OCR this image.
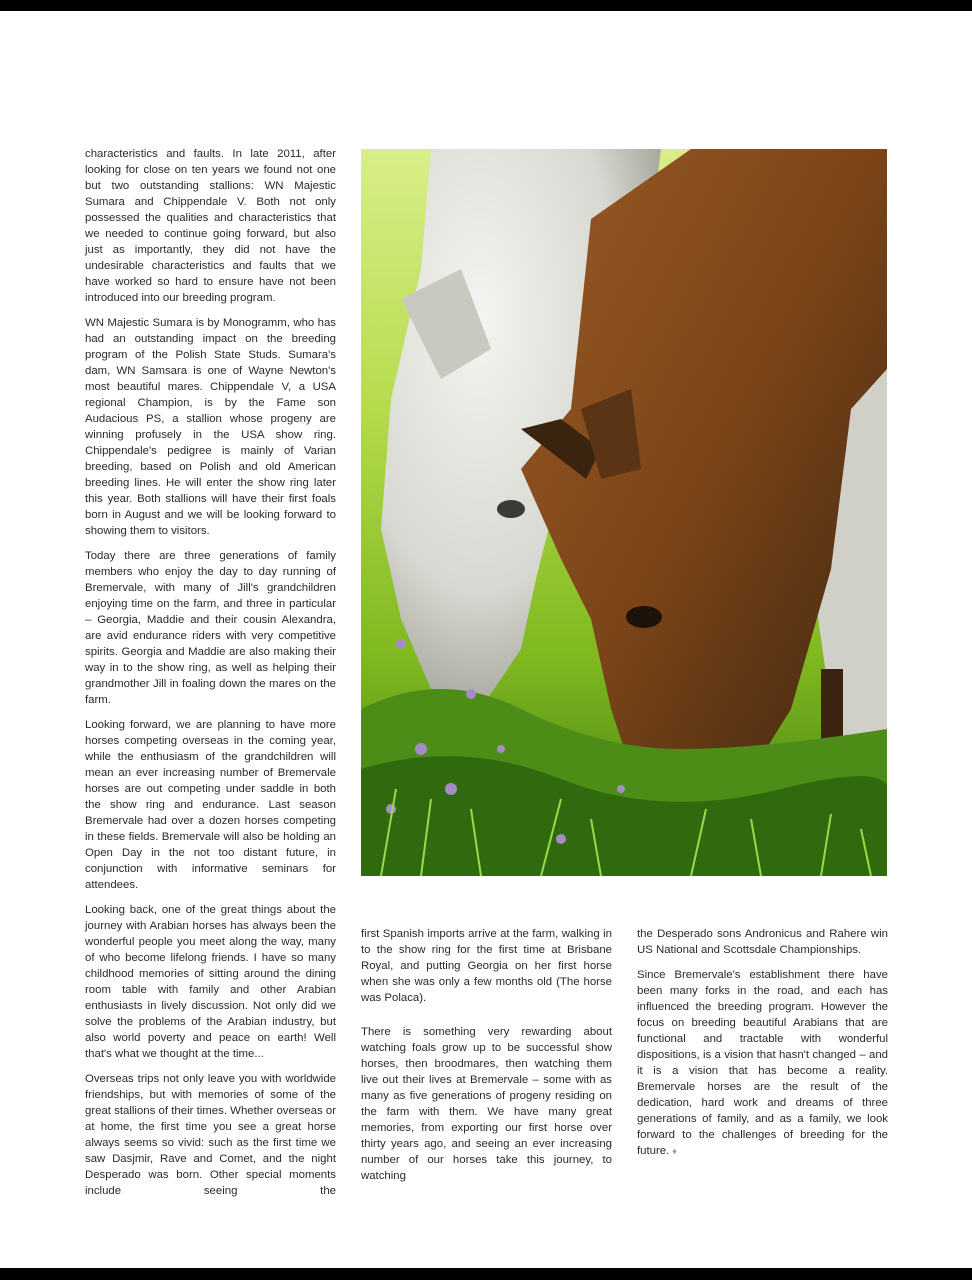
characteristics and faults. In late 2011, after looking for close on ten years we found not one but two outstanding stallions: WN Majestic Sumara and Chippendale V. Both not only possessed the qualities and characteristics that we needed to continue going forward, but also just as importantly, they did not have the undesirable characteristics and faults that we have worked so hard to ensure have not been introduced into our breeding program.

WN Majestic Sumara is by Monogramm, who has had an outstanding impact on the breeding program of the Polish State Studs. Sumara's dam, WN Samsara is one of Wayne Newton's most beautiful mares. Chippendale V, a USA regional Champion, is by the Fame son Audacious PS, a stallion whose progeny are winning profusely in the USA show ring. Chippendale's pedigree is mainly of Varian breeding, based on Polish and old American breeding lines. He will enter the show ring later this year. Both stallions will have their first foals born in August and we will be looking forward to showing them to visitors.

Today there are three generations of family members who enjoy the day to day running of Bremervale, with many of Jill's grandchildren enjoying time on the farm, and three in particular – Georgia, Maddie and their cousin Alexandra, are avid endurance riders with very competitive spirits. Georgia and Maddie are also making their way in to the show ring, as well as helping their grandmother Jill in foaling down the mares on the farm.

Looking forward, we are planning to have more horses competing overseas in the coming year, while the enthusiasm of the grandchildren will mean an ever increasing number of Bremervale horses are out competing under saddle in both the show ring and endurance. Last season Bremervale had over a dozen horses competing in these fields. Bremervale will also be holding an Open Day in the not too distant future, in conjunction with informative seminars for attendees.

Looking back, one of the great things about the journey with Arabian horses has always been the wonderful people you meet along the way, many of who become lifelong friends. I have so many childhood memories of sitting around the dining room table with family and other Arabian enthusiasts in lively discussion. Not only did we solve the problems of the Arabian industry, but also world poverty and peace on earth! Well that's what we thought at the time...

Overseas trips not only leave you with worldwide friendships, but with memories of some of the great stallions of their times. Whether overseas or at home, the first time you see a great horse always seems so vivid: such as the first time we saw Dasjmir, Rave and Comet, and the night Desperado was born. Other special moments include seeing the

first Spanish imports arrive at the farm, walking in to the show ring for the first time at Brisbane Royal, and putting Georgia on her first horse when she was only a few months old (The horse was Polaca).

There is something very rewarding about watching foals grow up to be successful show horses, then broodmares, then watching them live out their lives at Bremervale – some with as many as five generations of progeny residing on the farm with them. We have many great memories, from exporting our first horse over thirty years ago, and seeing an ever increasing number of our horses take this journey, to watching

the Desperado sons Andronicus and Rahere win US National and Scottsdale Championships.

Since Bremervale's establishment there have been many forks in the road, and each has influenced the breeding program. However the focus on breeding beautiful Arabians that are functional and tractable with wonderful dispositions, is a vision that hasn't changed – and it is a vision that has become a reality. Bremervale horses are the result of the dedication, hard work and dreams of three generations of family, and as a family, we look forward to the challenges of breeding for the future. ♦
